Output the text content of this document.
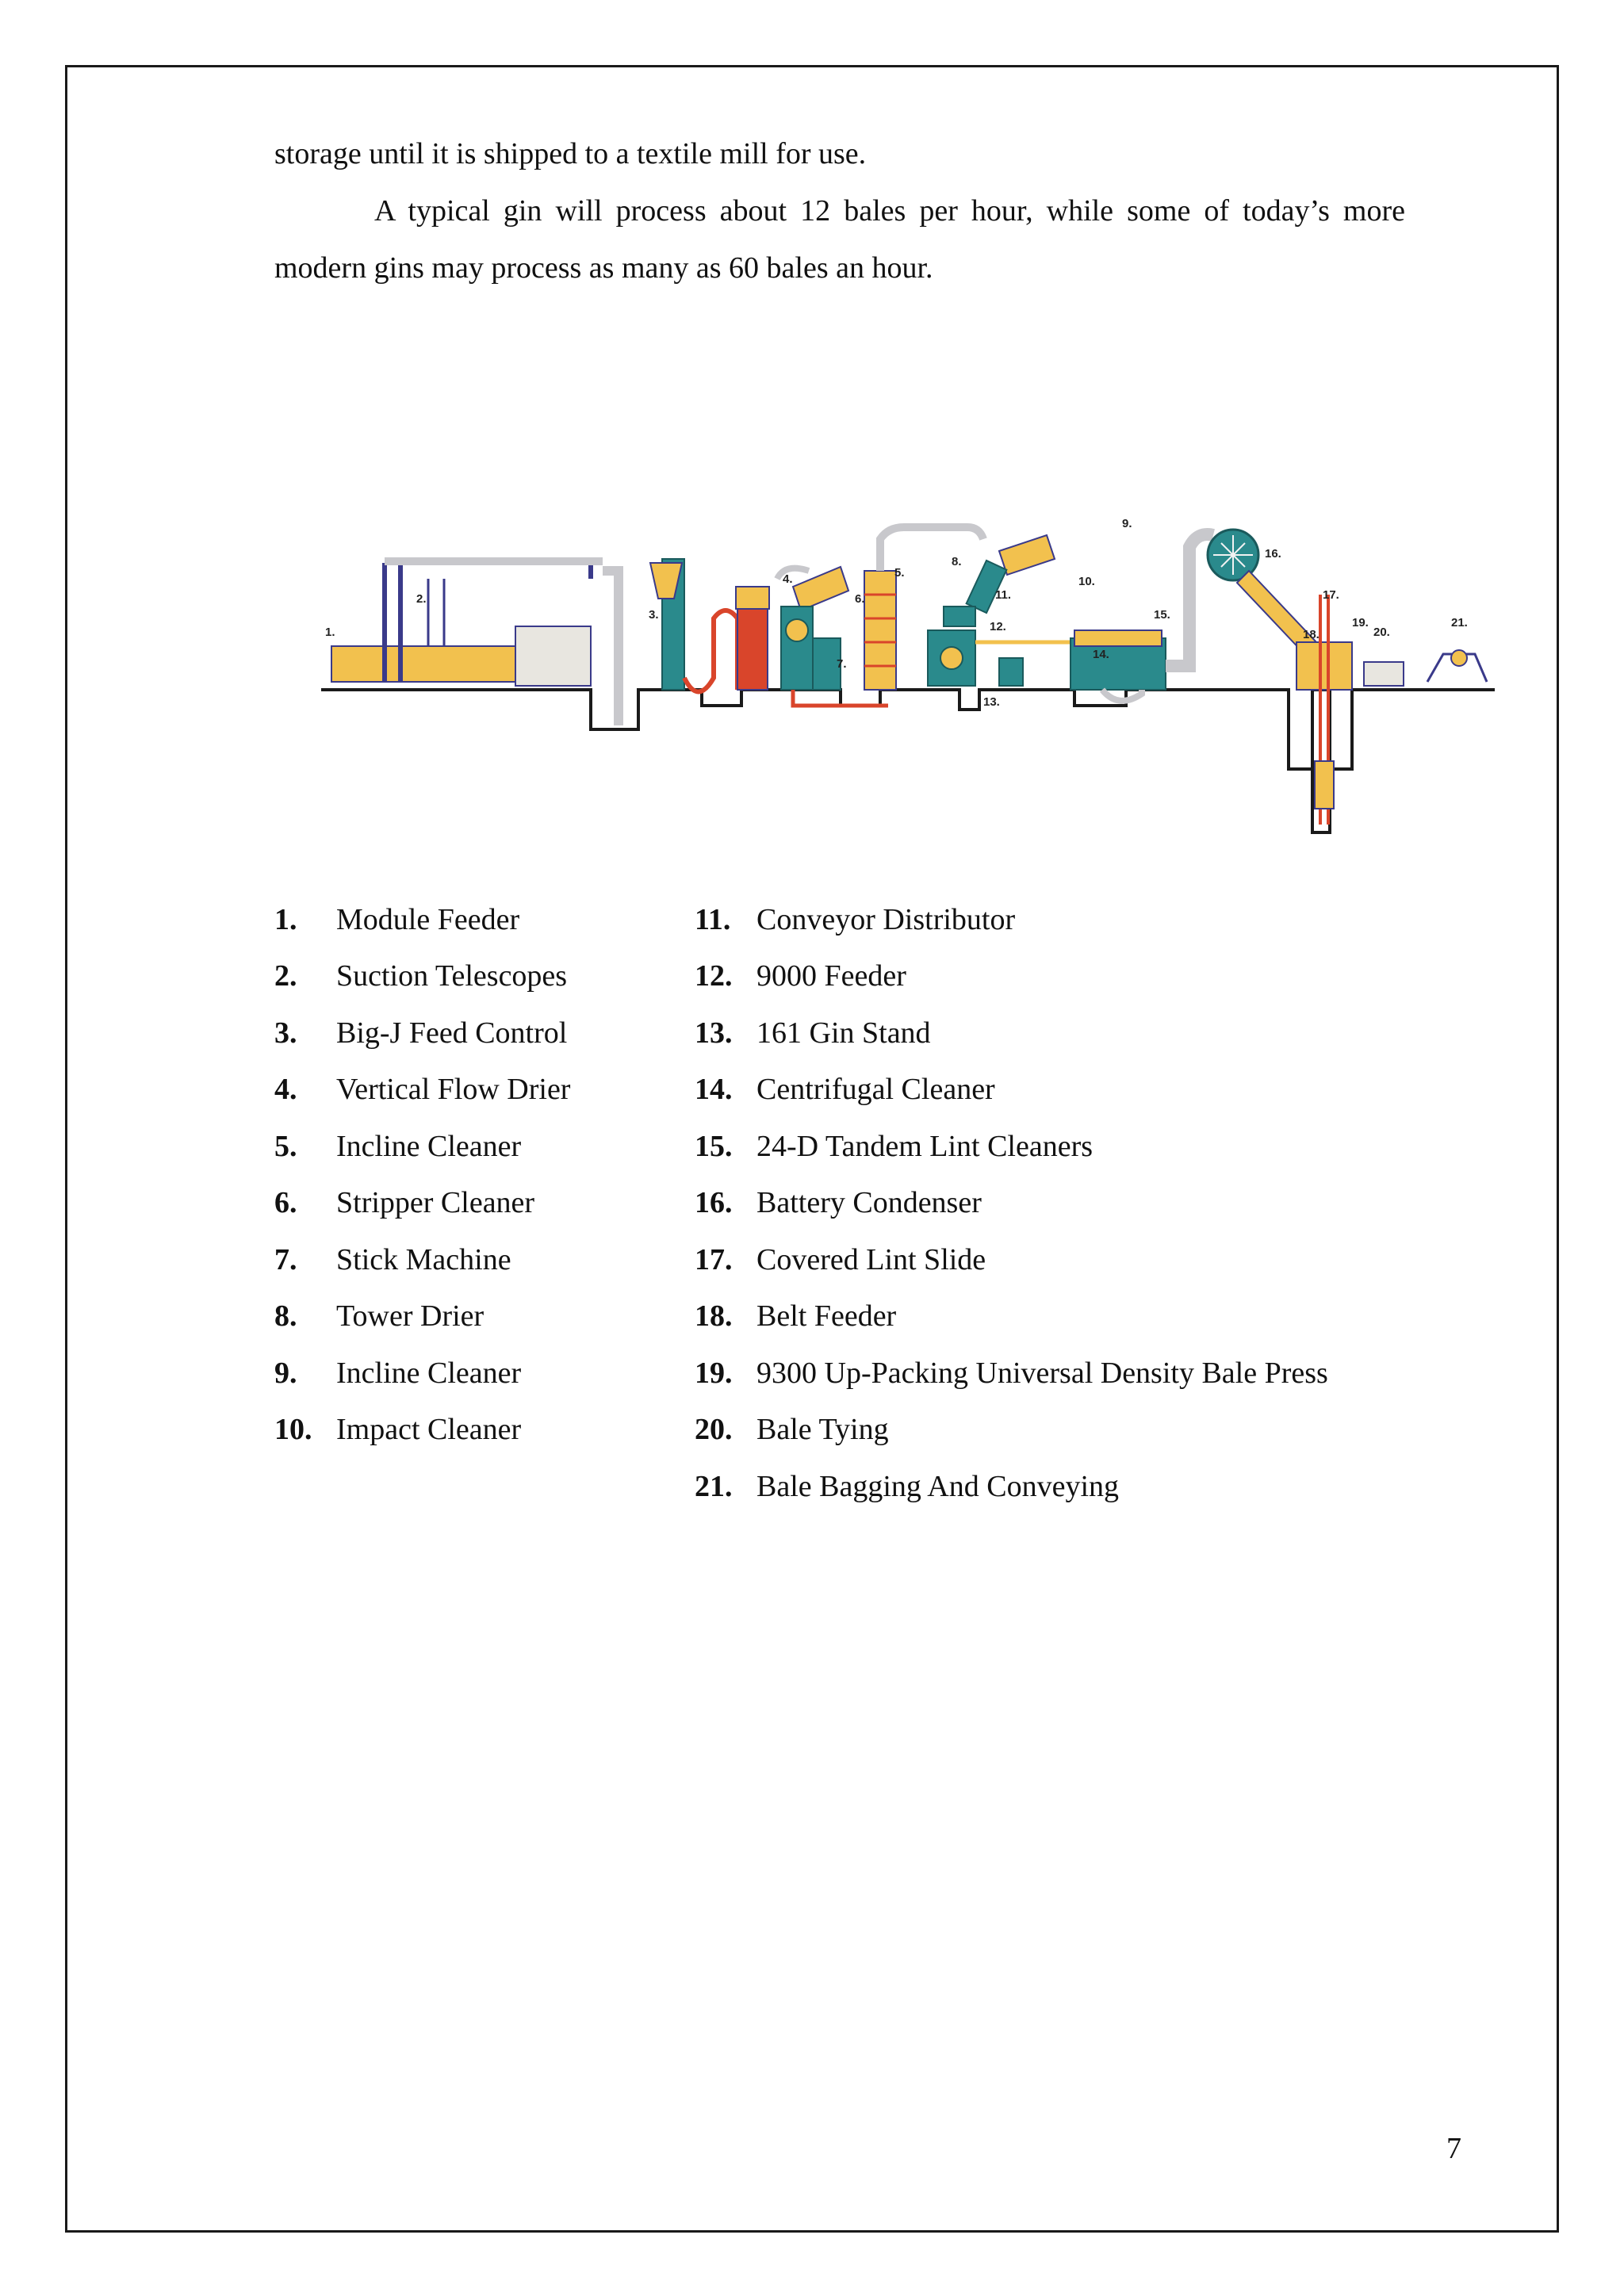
storage until it is shipped to a textile mill for use.

A typical gin will process about 12 bales per hour, while some of today’s more modern gins may process as many as 60 bales an hour.

1.
2.
3.
4.	5.
6.
7.
8.
9.
10.
11.
12.
13.
14.
15.
16.
17.
18.
19.
20.
21.
1.	Module Feeder
2.	Suction Telescopes
3.	Big-J Feed Control
4.	Vertical Flow Drier
5.	Incline Cleaner
6.	Stripper Cleaner
7.	Stick Machine
8.	Tower Drier
9.	Incline Cleaner
10. Impact Cleaner
11. Conveyor Distributor
12. 9000 Feeder
13. 161 Gin Stand
14. Centrifugal Cleaner
15. 24-D Tandem Lint Cleaners
16. Battery Condenser
17. Covered Lint Slide
18. Belt Feeder
19. 9300 Up-Packing Universal Density Bale Press
20. Bale Tying
21. Bale Bagging And Conveying
7
